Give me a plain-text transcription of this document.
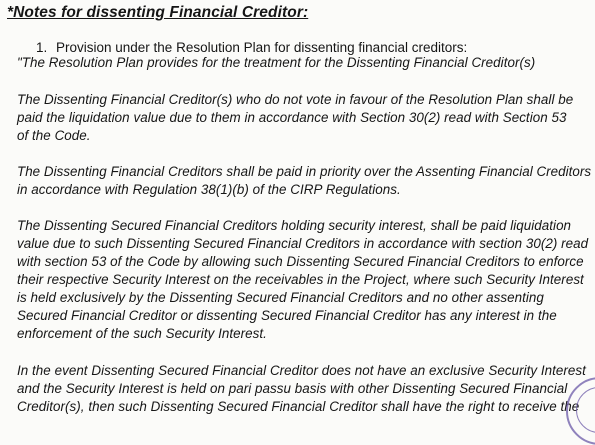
*Notes for dissenting Financial Creditor:
1. Provision under the Resolution Plan for dissenting financial creditors:
"The Resolution Plan provides for the treatment for the Dissenting Financial Creditor(s)
The Dissenting Financial Creditor(s) who do not vote in favour of the Resolution Plan shall be
paid the liquidation value due to them in accordance with Section 30(2) read with Section 53
of the Code.
The Dissenting Financial Creditors shall be paid in priority over the Assenting Financial Creditors
in accordance with Regulation 38(1)(b) of the CIRP Regulations.
The Dissenting Secured Financial Creditors holding security interest, shall be paid liquidation
value due to such Dissenting Secured Financial Creditors in accordance with section 30(2) read
with section 53 of the Code by allowing such Dissenting Secured Financial Creditors to enforce
their respective Security Interest on the receivables in the Project, where such Security Interest
is held exclusively by the Dissenting Secured Financial Creditors and no other assenting
Secured Financial Creditor or dissenting Secured Financial Creditor has any interest in the
enforcement of the such Security Interest.
In the event Dissenting Secured Financial Creditor does not have an exclusive Security Interest
and the Security Interest is held on pari passu basis with other Dissenting Secured Financial
Creditor(s), then such Dissenting Secured Financial Creditor shall have the right to receive the
